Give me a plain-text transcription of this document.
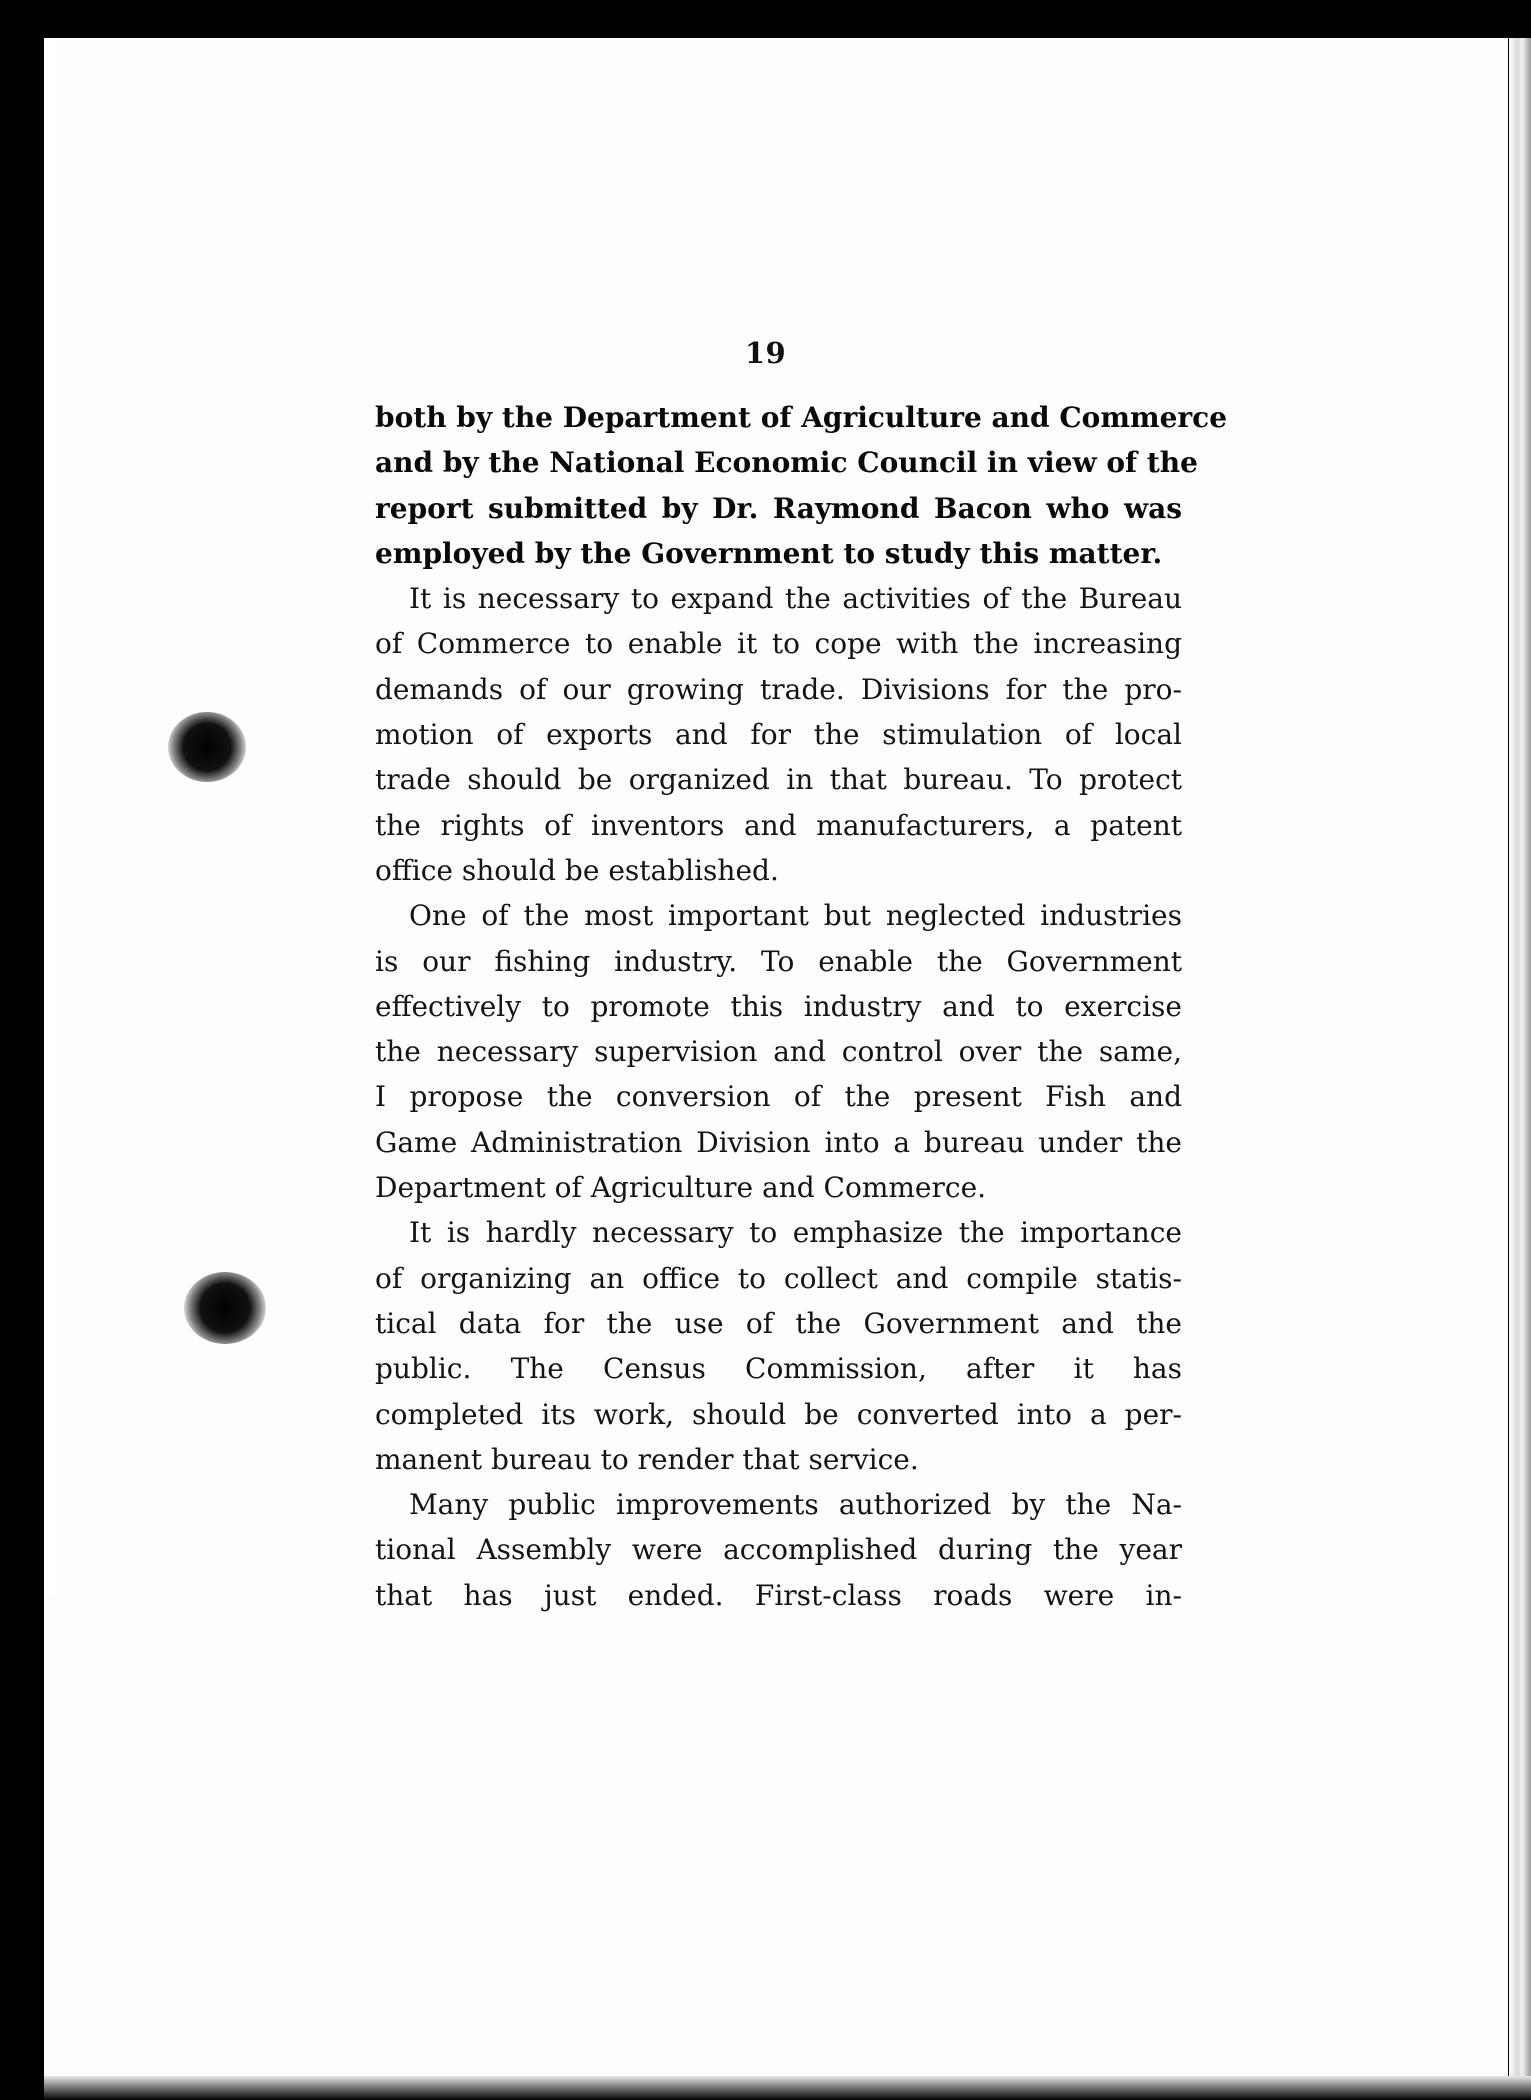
19
both by the Department of Agriculture and Commerce
and by the National Economic Council in view of the
report submitted by Dr. Raymond Bacon who was
employed by the Government to study this matter.
It is necessary to expand the activities of the Bureau
of Commerce to enable it to cope with the increasing
demands of our growing trade. Divisions for the pro-
motion of exports and for the stimulation of local
trade should be organized in that bureau. To protect
the rights of inventors and manufacturers, a patent
office should be established.
One of the most important but neglected industries
is our fishing industry. To enable the Government
effectively to promote this industry and to exercise
the necessary supervision and control over the same,
I propose the conversion of the present Fish and
Game Administration Division into a bureau under the
Department of Agriculture and Commerce.
It is hardly necessary to emphasize the importance
of organizing an office to collect and compile statis-
tical data for the use of the Government and the
public. The Census Commission, after it has
completed its work, should be converted into a per-
manent bureau to render that service.
Many public improvements authorized by the Na-
tional Assembly were accomplished during the year
that has just ended. First-class roads were in-
